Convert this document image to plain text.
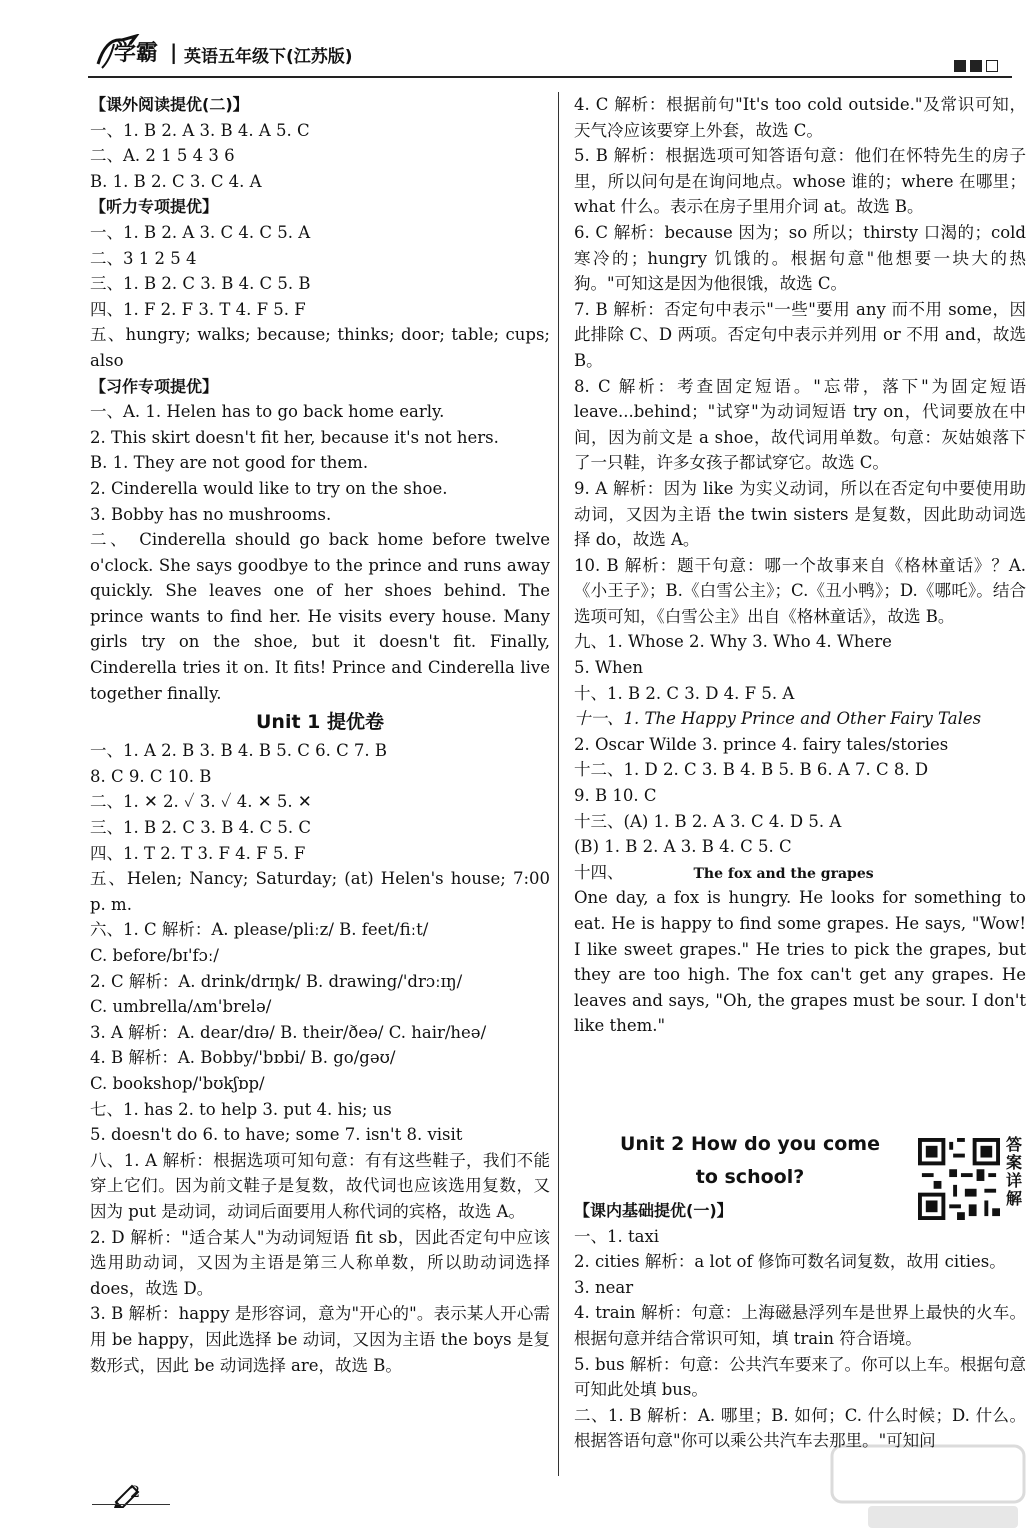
学霸 | 英语五年级下(江苏版)
【课外阅读提优(二)】
一、1. B 2. A 3. B 4. A 5. C
二、A. 2 1 5 4 3 6
B. 1. B 2. C 3. C 4. A
【听力专项提优】
一、1. B 2. A 3. C 4. C 5. A
二、3 1 2 5 4
三、1. B 2. C 3. B 4. C 5. B
四、1. F 2. F 3. T 4. F 5. F
五、hungry; walks; because; thinks; door; table; cups; also
【习作专项提优】
一、A. 1. Helen has to go back home early.
2. This skirt doesn't fit her, because it's not hers.
B. 1. They are not good for them.
2. Cinderella would like to try on the shoe.
3. Bobby has no mushrooms.
二、 Cinderella should go back home before twelve o'clock. She says goodbye to the prince and runs away quickly. She leaves one of her shoes behind. The prince wants to find her. He visits every house. Many girls try on the shoe, but it doesn't fit. Finally, Cinderella tries it on. It fits! Prince and Cinderella live together finally.
Unit 1 提优卷
一、1. A 2. B 3. B 4. B 5. C 6. C 7. B
8. C 9. C 10. B
二、1. ✕ 2. ✓ 3. ✓ 4. ✕ 5. ✕
三、1. B 2. C 3. B 4. C 5. C
四、1. T 2. T 3. F 4. F 5. F
五、Helen; Nancy; Saturday; (at) Helen's house; 7:00 p. m.
六、1. C 解析：A. please/pliːz/ B. feet/fiːt/
C. before/bɪ'fɔː/
2. C 解析：A. drink/drɪŋk/ B. drawing/'drɔːɪŋ/
C. umbrella/ʌm'brelə/
3. A 解析：A. dear/dɪə/ B. their/ðeə/ C. hair/heə/
4. B 解析：A. Bobby/'bɒbi/ B. go/gəʊ/
C. bookshop/'bʊkʃɒp/
七、1. has 2. to help 3. put 4. his; us
5. doesn't do 6. to have; some 7. isn't 8. visit
八、1. A 解析：根据选项可知句意：有有这些鞋子，我们不能穿上它们。因为前文鞋子是复数，故代词也应该选用复数，又因为 put 是动词，动词后面要用人称代词的宾格，故选 A。
2. D 解析："适合某人"为动词短语 fit sb，因此否定句中应该选用助动词，又因为主语是第三人称单数，所以助动词选择 does，故选 D。
3. B 解析：happy 是形容词，意为"开心的"。表示某人开心需用 be happy，因此选择 be 动词，又因为主语 the boys 是复数形式，因此 be 动词选择 are，故选 B。
4. C 解析：根据前句"It's too cold outside."及常识可知，天气冷应该要穿上外套，故选 C。
5. B 解析：根据选项可知答语句意：他们在怀特先生的房子里，所以问句是在询问地点。whose 谁的；where 在哪里；what 什么。表示在房子里用介词 at。故选 B。
6. C 解析：because 因为；so 所以；thirsty 口渴的；cold 寒冷的；hungry 饥饿的。根据句意"他想要一块大的热狗。"可知这是因为他很饿，故选 C。
7. B 解析：否定句中表示"一些"要用 any 而不用 some，因此排除 C、D 两项。否定句中表示并列用 or 不用 and，故选 B。
8. C 解析：考查固定短语。"忘带，落下"为固定短语 leave...behind；"试穿"为动词短语 try on，代词要放在中间，因为前文是 a shoe，故代词用单数。句意：灰姑娘落下了一只鞋，许多女孩子都试穿它。故选 C。
9. A 解析：因为 like 为实义动词，所以在否定句中要使用助动词，又因为主语 the twin sisters 是复数，因此助动词选择 do，故选 A。
10. B 解析：题干句意：哪一个故事来自《格林童话》？A.《小王子》；B.《白雪公主》；C.《丑小鸭》；D.《哪吒》。结合选项可知，《白雪公主》出自《格林童话》，故选 B。
九、1. Whose 2. Why 3. Who 4. Where
5. When
十、1. B 2. C 3. D 4. F 5. A
十一、1. The Happy Prince and Other Fairy Tales
2. Oscar Wilde 3. prince 4. fairy tales/stories
十二、1. D 2. C 3. B 4. B 5. B 6. A 7. C 8. D
9. B 10. C
十三、(A) 1. B 2. A 3. C 4. D 5. A
(B) 1. B 2. A 3. B 4. C 5. C
十四、	The fox and the grapes
One day, a fox is hungry. He looks for something to eat. He is happy to find some grapes. He says, "Wow! I like sweet grapes." He tries to pick the grapes, but they are too high. The fox can't get any grapes. He leaves and says, "Oh, the grapes must be sour. I don't like them."
Unit 2 How do you come
to school?
答案详解
2
【课内基础提优(一)】
一、1. taxi
2. cities 解析：a lot of 修饰可数名词复数，故用 cities。
3. near
4. train 解析：句意：上海磁悬浮列车是世界上最快的火车。根据句意并结合常识可知，填 train 符合语境。
5. bus 解析：句意：公共汽车要来了。你可以上车。根据句意可知此处填 bus。
二、1. B 解析：A. 哪里；B. 如何；C. 什么时候；D. 什么。根据答语句意"你可以乘公共汽车去那里。"可知问
